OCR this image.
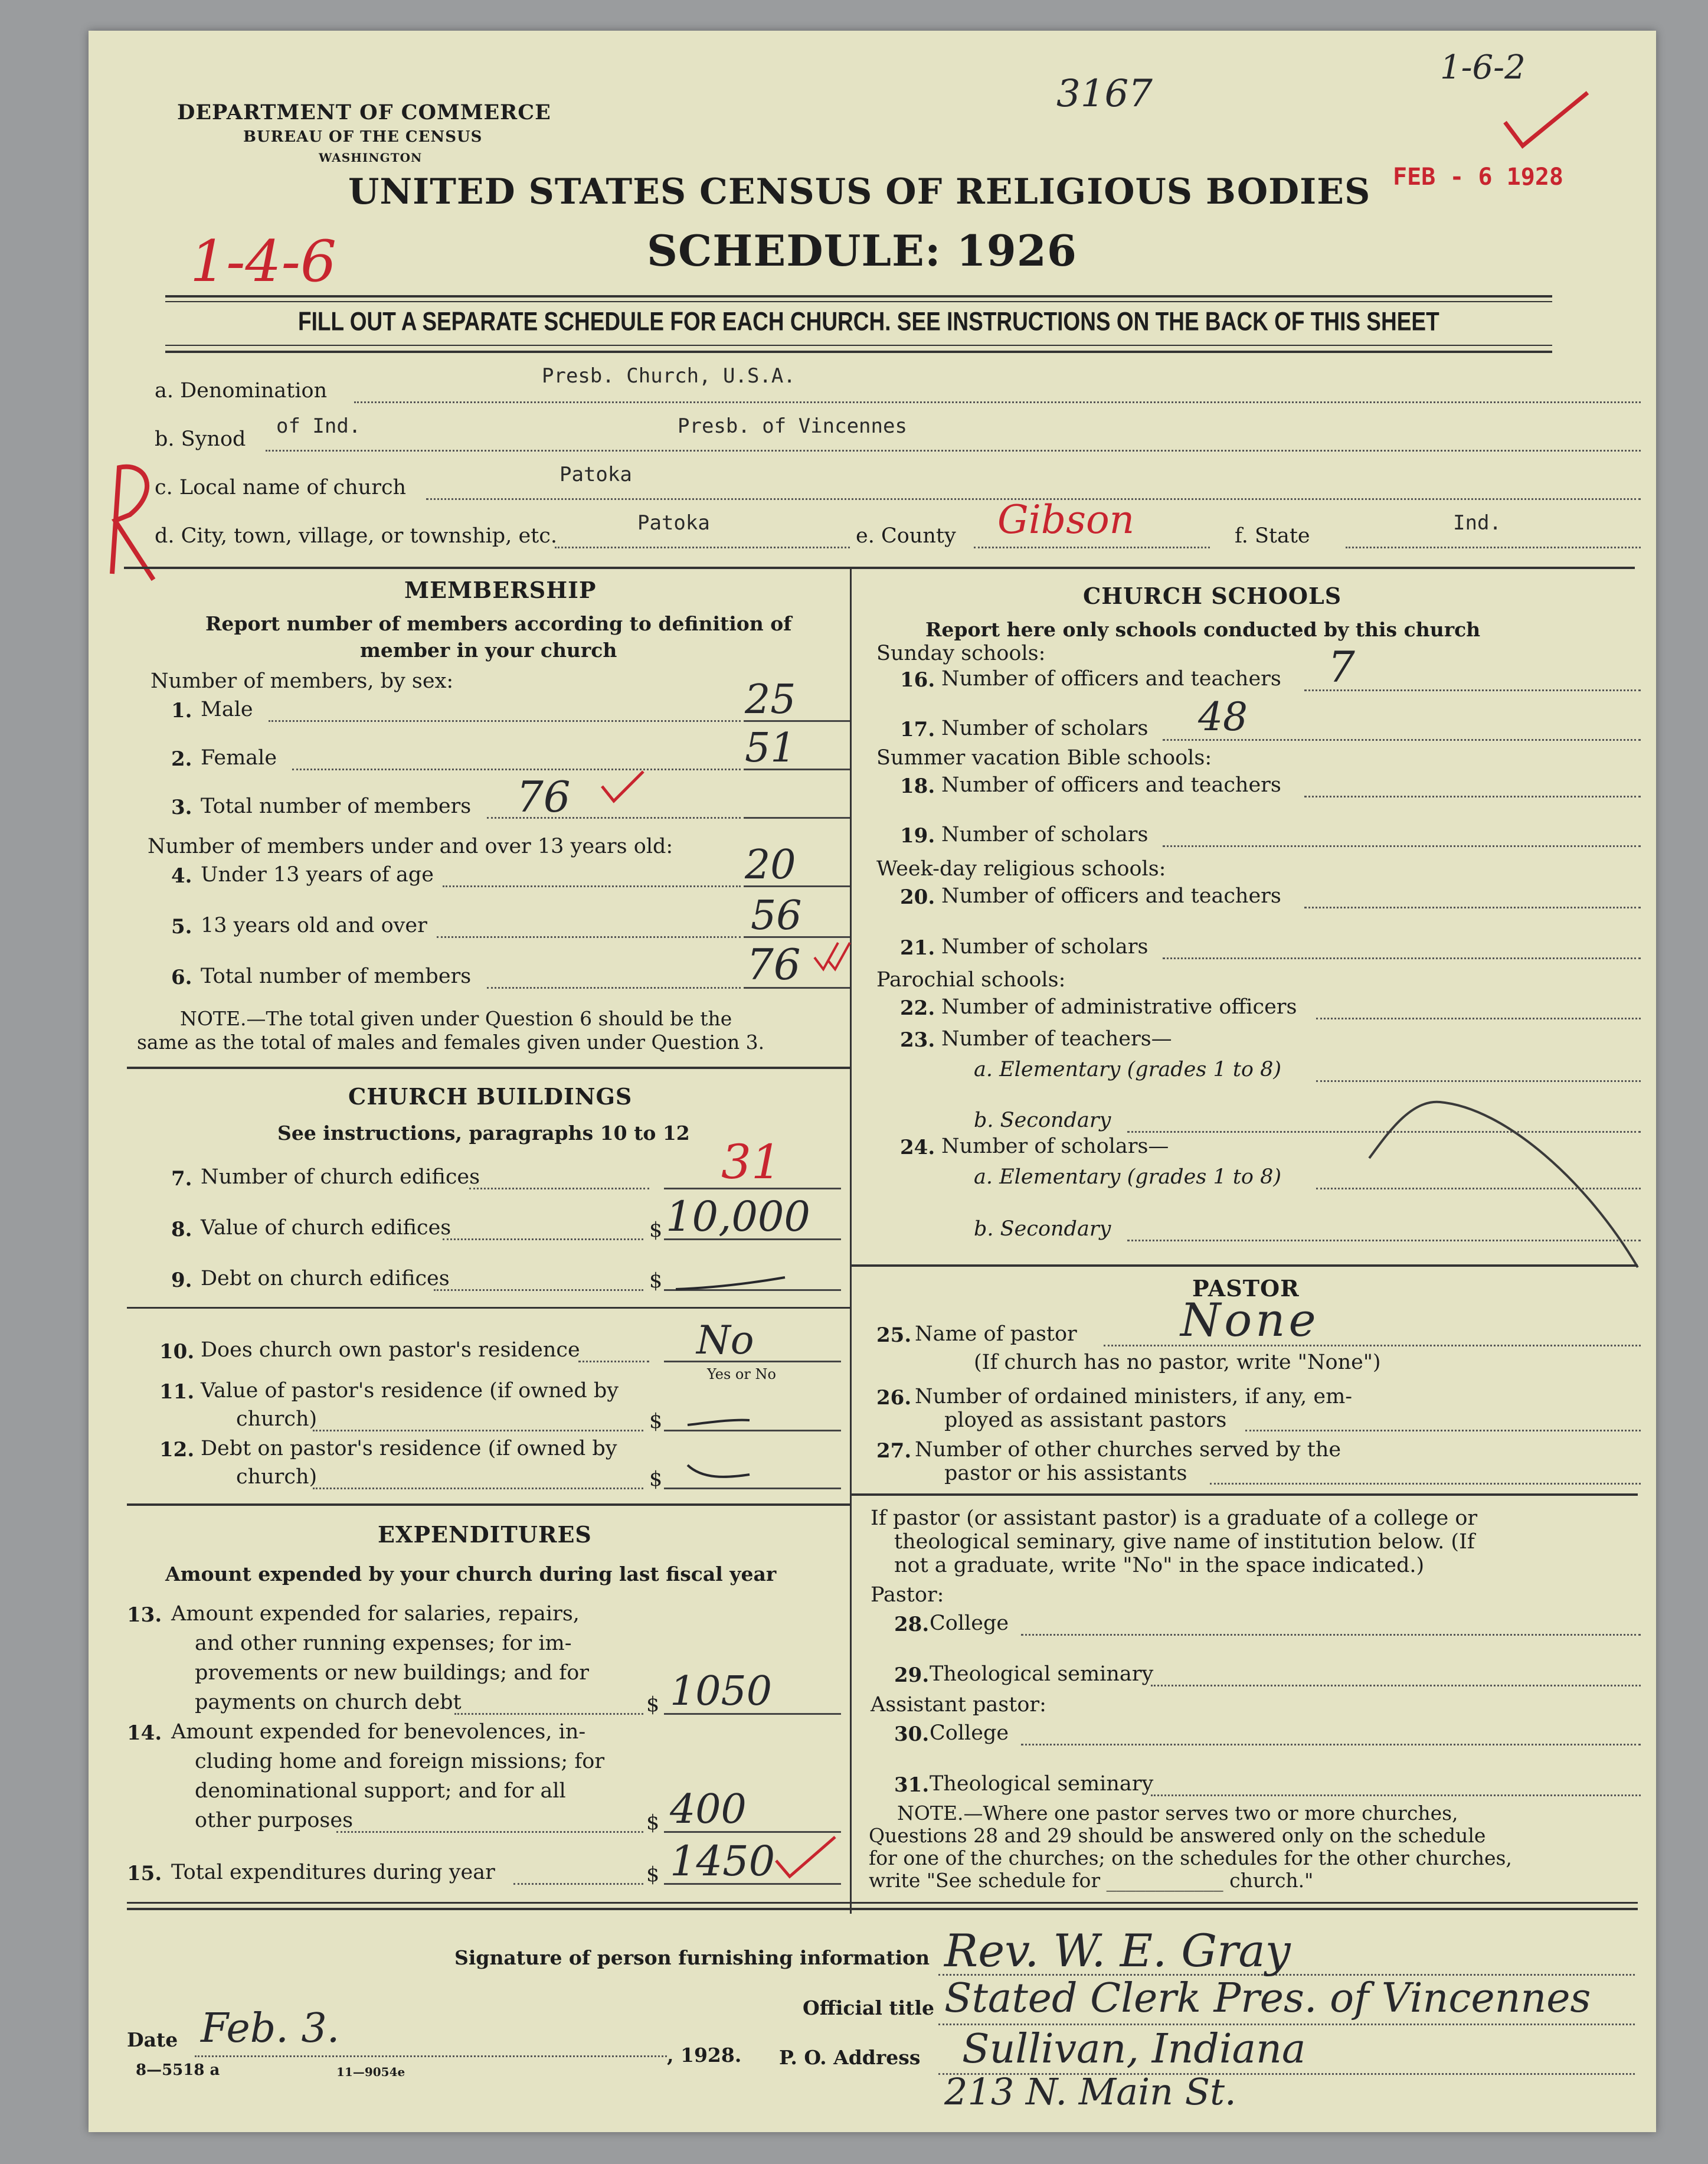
DEPARTMENT OF COMMERCE
BUREAU OF THE CENSUS
WASHINGTON
3167
1-6-2
FEB - 6 1928
UNITED STATES CENSUS OF RELIGIOUS BODIES
SCHEDULE: 1926
1-4-6
FILL OUT A SEPARATE SCHEDULE FOR EACH CHURCH. SEE INSTRUCTIONS ON THE BACK OF THIS SHEET
a. Denomination
Presb. Church, U.S.A.
b. Synod
of Ind.	Presb. of Vincennes
c. Local name of church
Patoka
d. City, town, village, or township, etc.
Patoka
e. County Gibson	f. State
Ind.
MEMBERSHIP
Report number of members according to definition of
member in your church
Number of members, by sex:
1. Male	25
2. Female	51
3. Total number of members 76
Number of members under and over 13 years old:
4. Under 13 years of age	20
5. 13 years old and over	56
6. Total number of members	76
NOTE.—The total given under Question 6 should be the
same as the total of males and females given under Question 3.
CHURCH BUILDINGS
See instructions, paragraphs 10 to 12
7. Number of church edifices	31
8. Value of church edifices	$ 10,000
9. Debt on church edifices	$
10. Does church own pastor's residence	No
Yes or No
11. Value of pastor's residence (if owned by
church)	$
12. Debt on pastor's residence (if owned by
church)	$
EXPENDITURES
Amount expended by your church during last fiscal year
13. Amount expended for salaries, repairs,
and other running expenses; for im-
provements or new buildings; and for
payments on church debt	$ 1050
14. Amount expended for benevolences, in-
cluding home and foreign missions; for
denominational support; and for all
other purposes	$ 400
15. Total expenditures during year	$ 1450
CHURCH SCHOOLS
Report here only schools conducted by this church
Sunday schools:
16. Number of officers and teachers 7
17. Number of scholars 48
Summer vacation Bible schools:
18. Number of officers and teachers
19. Number of scholars
Week-day religious schools:
20. Number of officers and teachers
21. Number of scholars
Parochial schools:
22. Number of administrative officers
23. Number of teachers—
a. Elementary (grades 1 to 8)
b. Secondary
24. Number of scholars—
a. Elementary (grades 1 to 8)
b. Secondary
PASTOR
25. Name of pastor None
(If church has no pastor, write "None")
26. Number of ordained ministers, if any, em-
ployed as assistant pastors
27. Number of other churches served by the
pastor or his assistants
If pastor (or assistant pastor) is a graduate of a college or
theological seminary, give name of institution below. (If
not a graduate, write "No" in the space indicated.)
Pastor:
28. College
29. Theological seminary
Assistant pastor:
30. College
31. Theological seminary
NOTE.—Where one pastor serves two or more churches,
Questions 28 and 29 should be answered only on the schedule
for one of the churches; on the schedules for the other churches,
write "See schedule for ____________ church."
Signature of person furnishing information Rev. W. E. Gray
Official title Stated Clerk Pres. of Vincennes
Date Feb. 3.
, 1928. P. O. Address Sullivan, Indiana
213 N. Main St.
8—5518 a	11—9054e
